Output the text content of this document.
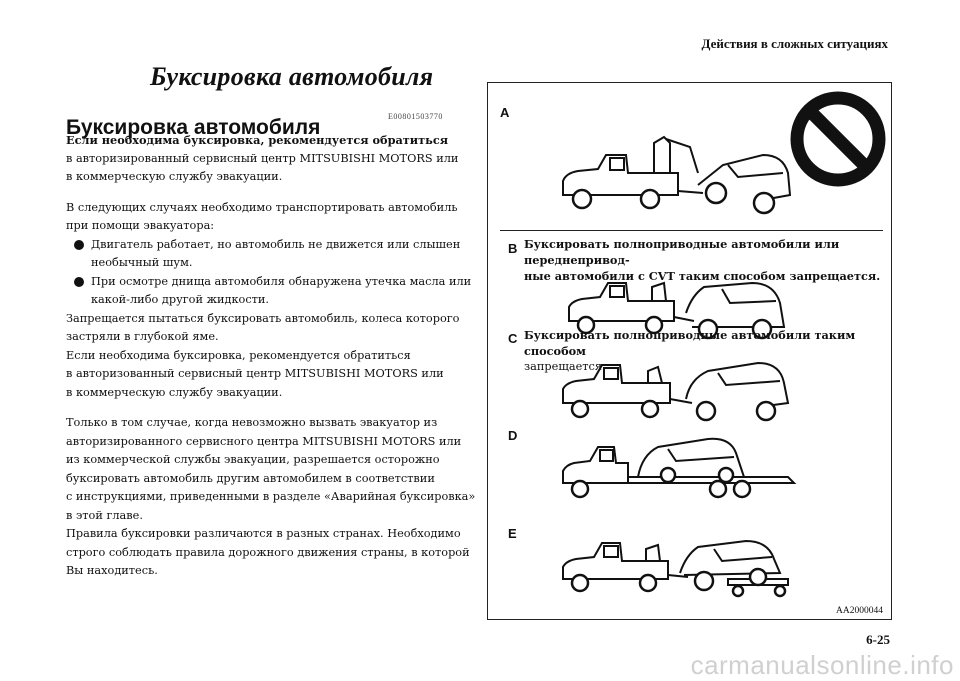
Действия в сложных ситуациях
Буксировка автомобиля
E00801503770
Буксировка автомобиля

Если необходима буксировка, рекомендуется обратиться

в авторизированный сервисный центр MITSUBISHI MOTORS или

в коммерческую службу эвакуации.

В следующих случаях необходимо транспортировать автомобиль

при помощи эвакуатора:

Двигатель работает, но автомобиль не движется или слышен

необычный шум.

При осмотре днища автомобиля обнаружена утечка масла или

какой-либо другой жидкости.

Запрещается пытаться буксировать автомобиль, колеса которого

застряли в глубокой яме.

Если необходима буксировка, рекомендуется обратиться

в авторизованный сервисный центр MITSUBISHI MOTORS или

в коммерческую службу эвакуации.

Только в том случае, когда невозможно вызвать эвакуатор из

авторизированного сервисного центра MITSUBISHI MOTORS или

из коммерческой службы эвакуации, разрешается осторожно

буксировать автомобиль другим автомобилем в соответствии

с инструкциями, приведенными в разделе «Аварийная буксировка»

в этой главе.

Правила буксировки различаются в разных странах. Необходимо

строго соблюдать правила дорожного движения страны, в которой

Вы находитесь.

A
B Буксировать полноприводные автомобили или переднепривод-
ные автомобили с CVT таким способом запрещается.
C Буксировать полноприводные автомобили таким способом
запрещается.
D
E
AA2000044
6-25
carmanualsonline.info
